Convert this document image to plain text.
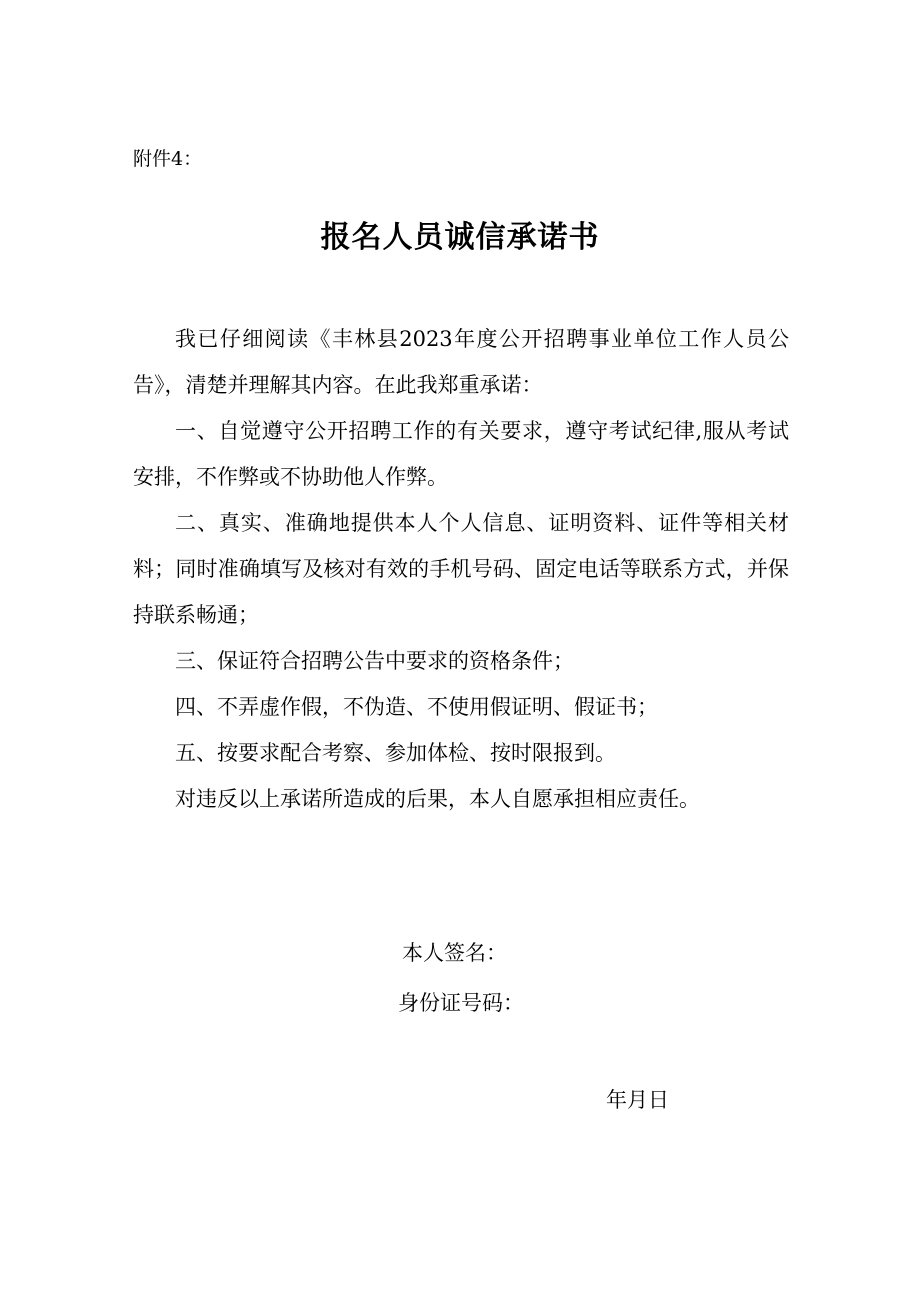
附件4：
报名人员诚信承诺书

我已仔细阅读《丰林县2023年度公开招聘事业单位工作人员公告》，清楚并理解其内容。在此我郑重承诺：

一、自觉遵守公开招聘工作的有关要求，遵守考试纪律,服从考试安排，不作弊或不协助他人作弊。

二、真实、准确地提供本人个人信息、证明资料、证件等相关材料；同时准确填写及核对有效的手机号码、固定电话等联系方式，并保持联系畅通；

三、保证符合招聘公告中要求的资格条件；

四、不弄虚作假，不伪造、不使用假证明、假证书；

五、按要求配合考察、参加体检、按时限报到。

对违反以上承诺所造成的后果，本人自愿承担相应责任。

本人签名：
身份证号码：
年月日
